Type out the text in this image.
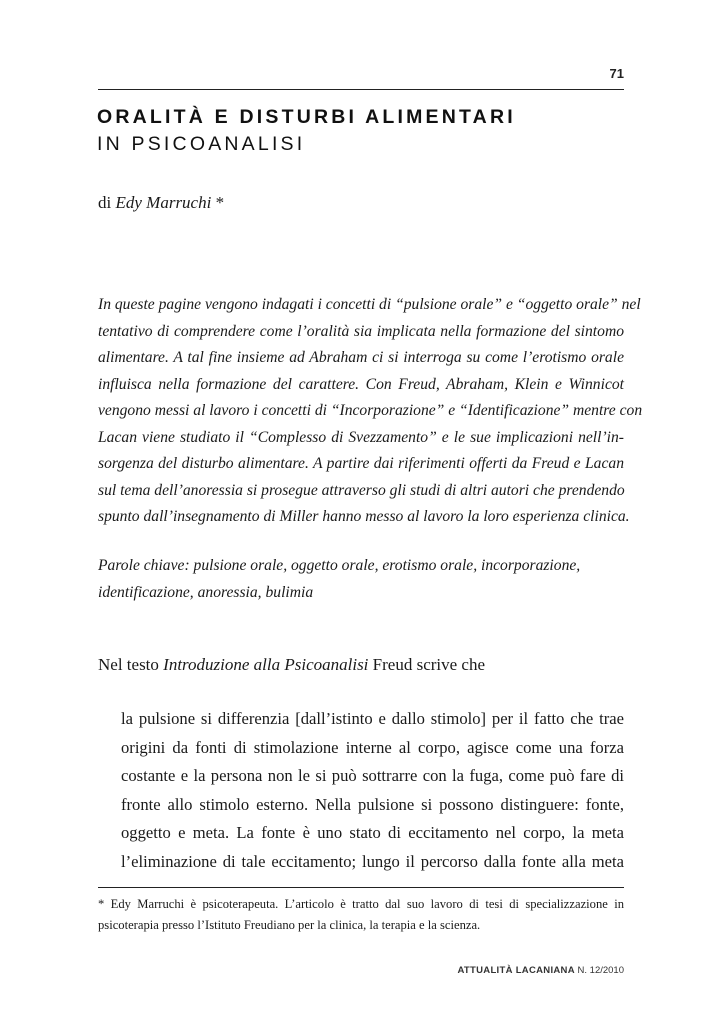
71
ORALITÀ E DISTURBI ALIMENTARI
IN PSICOANALISI
di Edy Marruchi *
In queste pagine vengono indagati i concetti di “pulsione orale” e “oggetto orale” nel
tentativo di comprendere come l’oralità sia implicata nella formazione del sintomo
alimentare. A tal fine insieme ad Abraham ci si interroga su come l’erotismo orale
influisca nella formazione del carattere. Con Freud, Abraham, Klein e Winnicot
vengono messi al lavoro i concetti di “Incorporazione” e “Identificazione” mentre con
Lacan viene studiato il “Complesso di Svezzamento” e le sue implicazioni nell’in-
sorgenza del disturbo alimentare. A partire dai riferimenti offerti da Freud e Lacan
sul tema dell’anoressia si prosegue attraverso gli studi di altri autori che prendendo
spunto dall’insegnamento di Miller hanno messo al lavoro la loro esperienza clinica.
Parole chiave: pulsione orale, oggetto orale, erotismo orale, incorporazione,
identificazione, anoressia, bulimia
Nel testo Introduzione alla Psicoanalisi Freud scrive che
la pulsione si differenzia [dall’istinto e dallo stimolo] per il fatto che trae
origini da fonti di stimolazione interne al corpo, agisce come una forza
costante e la persona non le si può sottrarre con la fuga, come può fare di
fronte allo stimolo esterno. Nella pulsione si possono distinguere: fonte,
oggetto e meta. La fonte è uno stato di eccitamento nel corpo, la meta
l’eliminazione di tale eccitamento; lungo il percorso dalla fonte alla meta
* Edy Marruchi è psicoterapeuta. L’articolo è tratto dal suo lavoro di tesi di specializzazione in
psicoterapia presso l’Istituto Freudiano per la clinica, la terapia e la scienza.
ATTUALITÀ LACANIANA N. 12/2010
